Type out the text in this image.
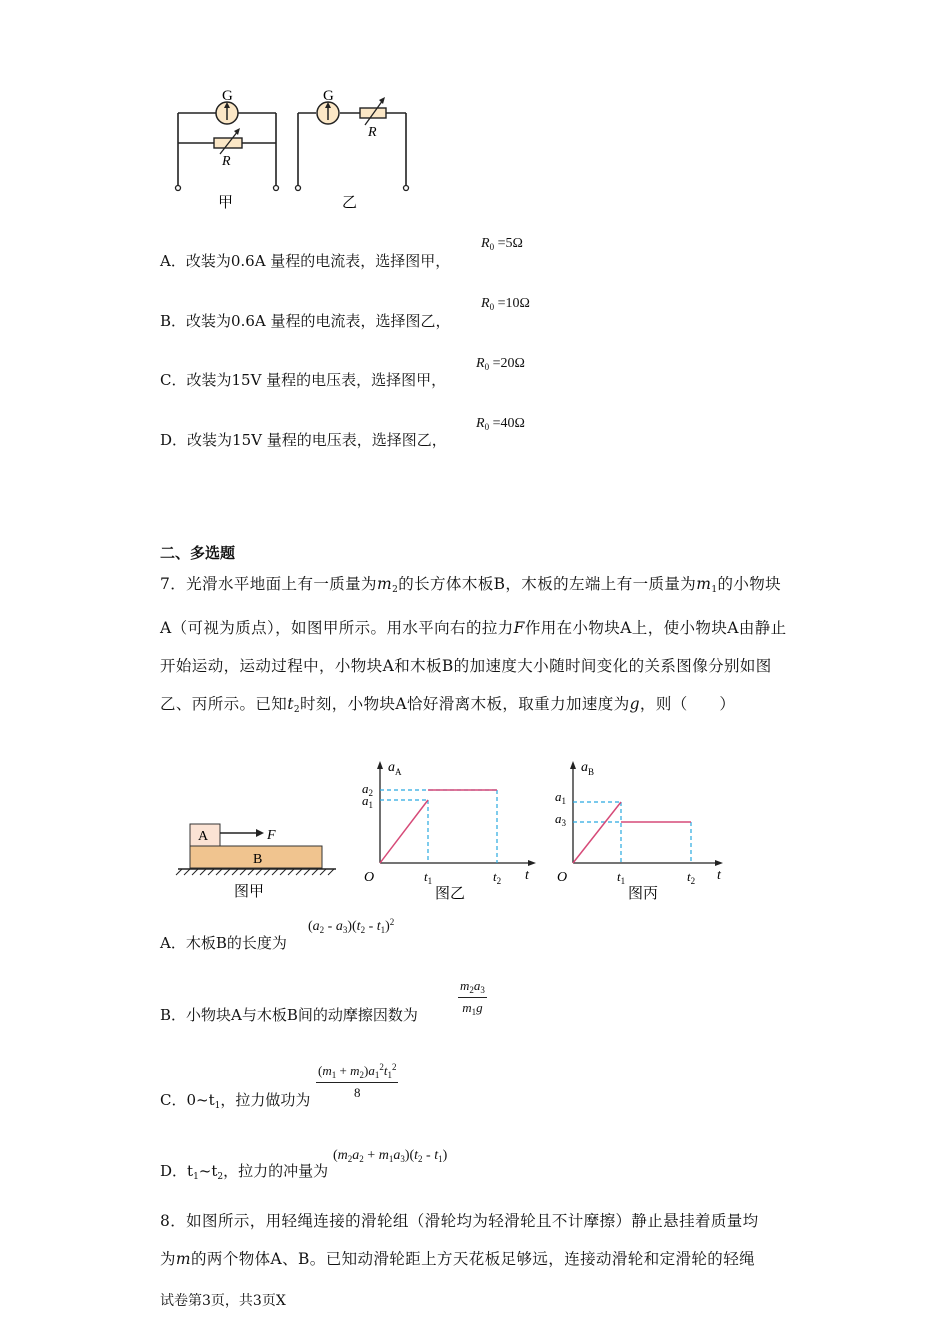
G	G
R
R
甲	乙
A．改装为0.6A 量程的电流表，选择图甲，
$R_0 =5\Omega$
B．改装为0.6A 量程的电流表，选择图乙，
$R_0 =10\Omega$
C．改装为15V 量程的电压表，选择图甲，
$R_0 =20\Omega$
D．改装为15V 量程的电压表，选择图乙，
$R_0 =40\Omega$
二、多选题
7．光滑水平地面上有一质量为$m_2$的长方体木板B，木板的左端上有一质量为$m_1$的小物块A（可视为质点），如图甲所示。用水平向右的拉力F作用在小物块A上，使小物块A由静止开始运动，运动过程中，小物块A和木板B的加速度大小随时间变化的关系图像分别如图乙、丙所示。已知$t_2$时刻，小物块A恰好滑离木板，取重力加速度为g，则（　　）
A
B
F
图甲
$a_A$
$a_2$
$a_1$
O	$t_1$	$t_2$ t
图乙
$a_B$
$a_1$
$a_3$
O	$t_1$	$t_2$ t
图丙
A．木板B的长度为
$(a_2 - a_3)(t_2 - t_1)^2$
B．小物块A与木板B间的动摩擦因数为	$\frac{m_2a_3}{m_1g}$
C．$0\sim t_1$，拉力做功为 $\frac{(m_1 + m_2)a_1^2t_1^2}{8}$
D．$t_1\sim t_2$，拉力的冲量为
$(m_2a_2 + m_1a_3)(t_2 - t_1)$
8．如图所示，用轻绳连接的滑轮组（滑轮均为轻滑轮且不计摩擦）静止悬挂着质量均
为m的两个物体A、B。已知动滑轮距上方天花板足够远，连接动滑轮和定滑轮的轻绳
试卷第3页，共3页X
